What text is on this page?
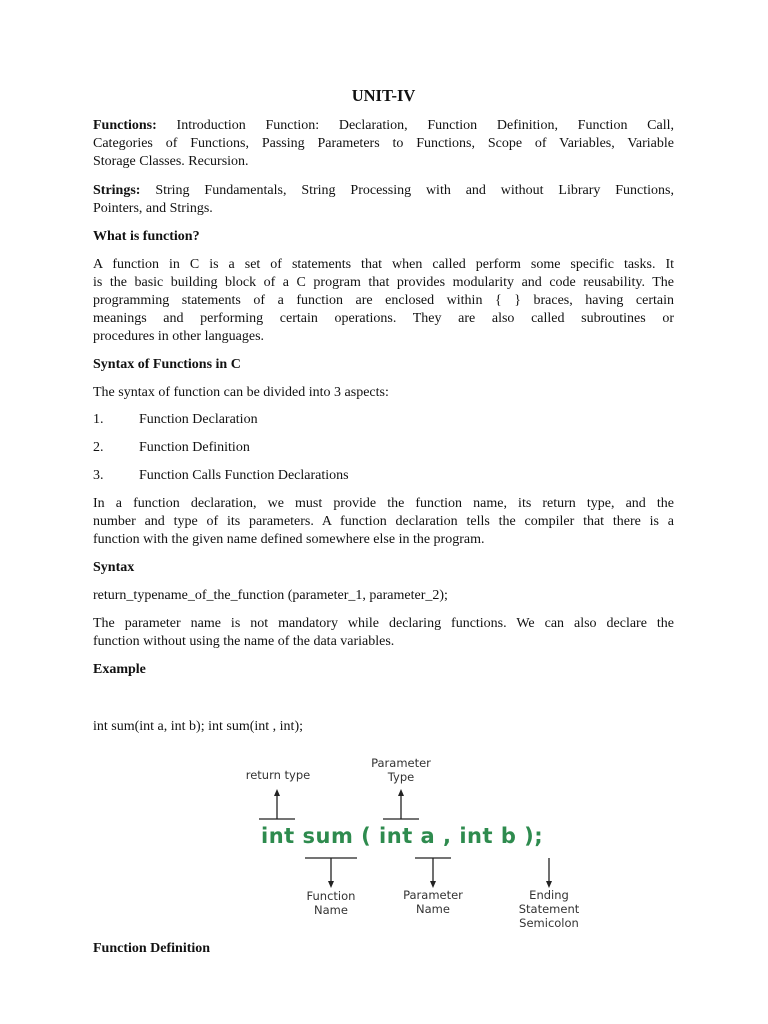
UNIT-IV
Functions: Introduction Function: Declaration, Function Definition, Function Call,
Categories of Functions, Passing Parameters to Functions, Scope of Variables, Variable
Storage Classes. Recursion.
Strings: String Fundamentals, String Processing with and without Library Functions,
Pointers, and Strings.
What is function?
A function in C is a set of statements that when called perform some specific tasks. It
is the basic building block of a C program that provides modularity and code reusability. The
programming statements of a function are enclosed within { } braces, having certain
meanings and performing certain operations. They are also called subroutines or
procedures in other languages.
Syntax of Functions in C
The syntax of function can be divided into 3 aspects:
1.	Function Declaration
2.	Function Definition
3.	Function Calls Function Declarations
In a function declaration, we must provide the function name, its return type, and the
number and type of its parameters. A function declaration tells the compiler that there is a
function with the given name defined somewhere else in the program.
Syntax
return_typename_of_the_function (parameter_1, parameter_2);
The parameter name is not mandatory while declaring functions. We can also declare the
function without using the name of the data variables.
Example
int sum(int a, int b); int sum(int , int);
Function Definition
return type
Parameter
Type
int sum ( int a , int b );
Function
Name
Parameter
Name
Ending
Statement
Semicolon
